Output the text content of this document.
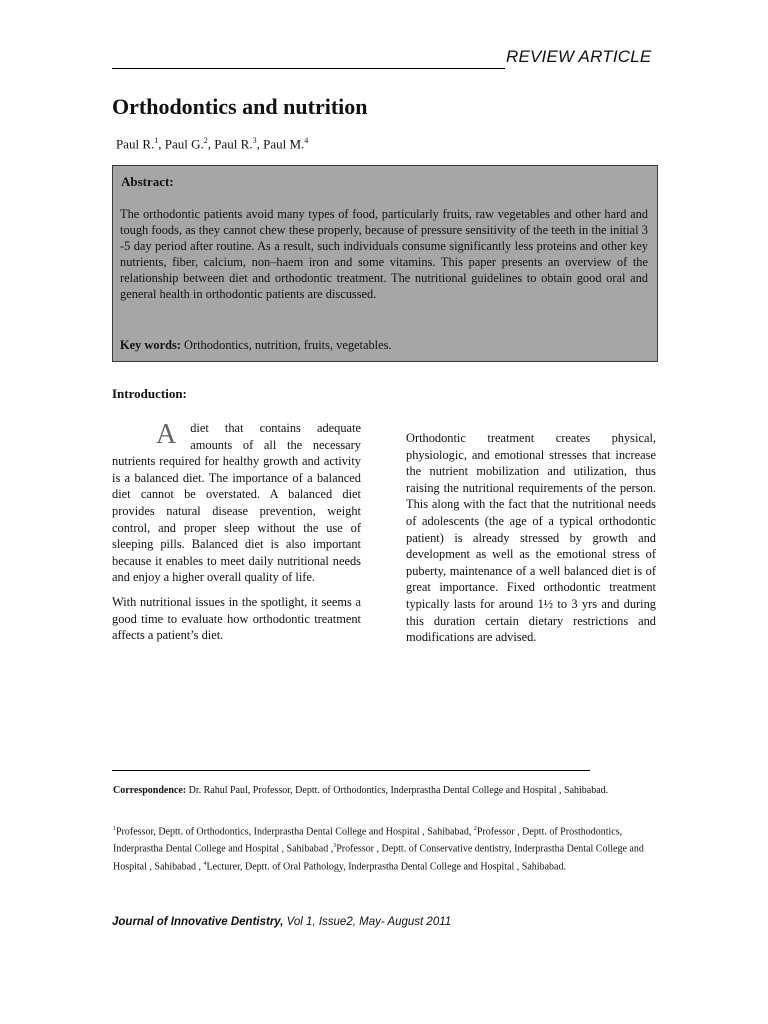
REVIEW ARTICLE
Orthodontics and nutrition
Paul R.$^1$, Paul G.$^2$, Paul R.$^3$, Paul M.$^4$
Abstract:
The orthodontic patients avoid many types of food, particularly fruits, raw vegetables and other hard and tough foods, as they cannot chew these properly, because of pressure sensitivity of the teeth in the initial 3 -5 day period after routine. As a result, such individuals consume significantly less proteins and other key nutrients, fiber, calcium, non–haem iron and some vitamins. This paper presents an overview of the relationship between diet and orthodontic treatment. The nutritional guidelines to obtain good oral and general health in orthodontic patients are discussed.
Key words: Orthodontics, nutrition, fruits, vegetables.
Introduction:

A diet that contains adequate amounts of all the necessary nutrients required for healthy growth and activity is a balanced diet. The importance of a balanced diet cannot be overstated. A balanced diet provides natural disease prevention, weight control, and proper sleep without the use of sleeping pills. Balanced diet is also important because it enables to meet daily nutritional needs and enjoy a higher overall quality of life.

With nutritional issues in the spotlight, it seems a good time to evaluate how orthodontic treatment affects a patient’s diet.

Orthodontic treatment creates physical, physiologic, and emotional stresses that increase the nutrient mobilization and utilization, thus raising the nutritional requirements of the person. This along with the fact that the nutritional needs of adolescents (the age of a typical orthodontic patient) is already stressed by growth and development as well as the emotional stress of puberty, maintenance of a well balanced diet is of great importance. Fixed orthodontic treatment typically lasts for around 1½ to 3 yrs and during this duration certain dietary restrictions and modifications are advised.

Correspondence: Dr. Rahul Paul, Professor, Deptt. of Orthodontics, Inderprastha Dental College and Hospital , Sahibabad.
$^1$Professor, Deptt. of Orthodontics, Inderprastha Dental College and Hospital , Sahibabad, $^2$Professor , Deptt. of Prosthodontics, Inderprastha Dental College and Hospital , Sahibabad ,$^3$Professor , Deptt. of Conservative dentistry, Inderprastha Dental College and Hospital , Sahibabad , $^4$Lecturer, Deptt. of Oral Pathology, Inderprastha Dental College and Hospital , Sahibabad.
Journal of Innovative Dentistry, Vol 1, Issue2, May- August 2011
